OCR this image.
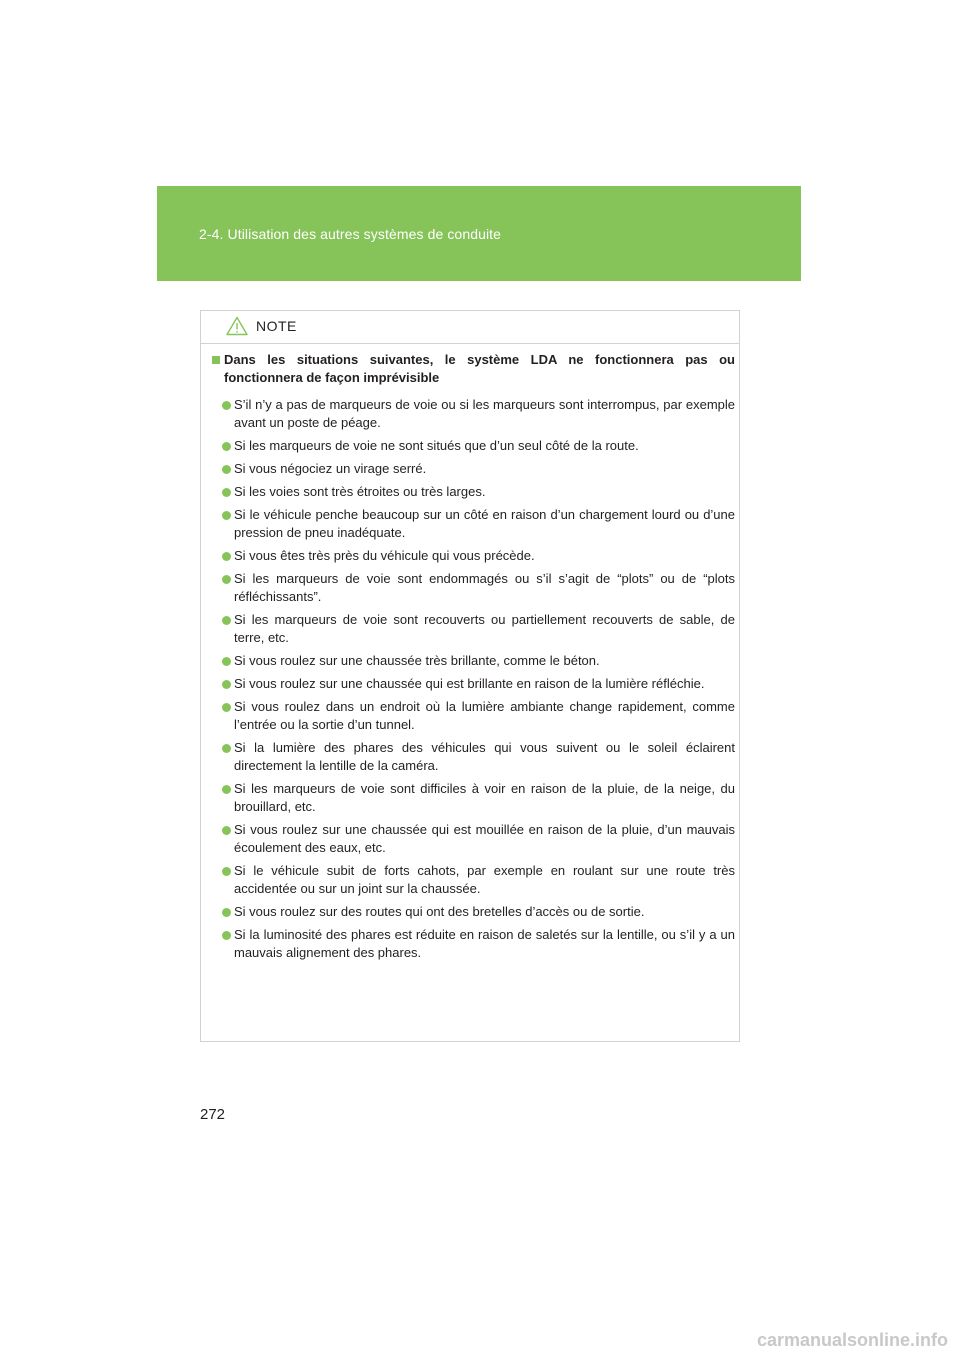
2-4. Utilisation des autres systèmes de conduite
NOTE
Dans les situations suivantes, le système LDA ne fonctionnera pas ou fonctionnera de façon imprévisible
S’il n’y a pas de marqueurs de voie ou si les marqueurs sont interrompus, par exemple avant un poste de péage.
Si les marqueurs de voie ne sont situés que d’un seul côté de la route.
Si vous négociez un virage serré.
Si les voies sont très étroites ou très larges.
Si le véhicule penche beaucoup sur un côté en raison d’un chargement lourd ou d’une pression de pneu inadéquate.
Si vous êtes très près du véhicule qui vous précède.
Si les marqueurs de voie sont endommagés ou s’il s’agit de “plots” ou de “plots réfléchissants”.
Si les marqueurs de voie sont recouverts ou partiellement recouverts de sable, de terre, etc.
Si vous roulez sur une chaussée très brillante, comme le béton.
Si vous roulez sur une chaussée qui est brillante en raison de la lumière réfléchie.
Si vous roulez dans un endroit où la lumière ambiante change rapidement, comme l’entrée ou la sortie d’un tunnel.
Si la lumière des phares des véhicules qui vous suivent ou le soleil éclairent directement la lentille de la caméra.
Si les marqueurs de voie sont difficiles à voir en raison de la pluie, de la neige, du brouillard, etc.
Si vous roulez sur une chaussée qui est mouillée en raison de la pluie, d’un mauvais écoulement des eaux, etc.
Si le véhicule subit de forts cahots, par exemple en roulant sur une route très accidentée ou sur un joint sur la chaussée.
Si vous roulez sur des routes qui ont des bretelles d’accès ou de sortie.
Si la luminosité des phares est réduite en raison de saletés sur la lentille, ou s’il y a un mauvais alignement des phares.
272
carmanualsonline.info
